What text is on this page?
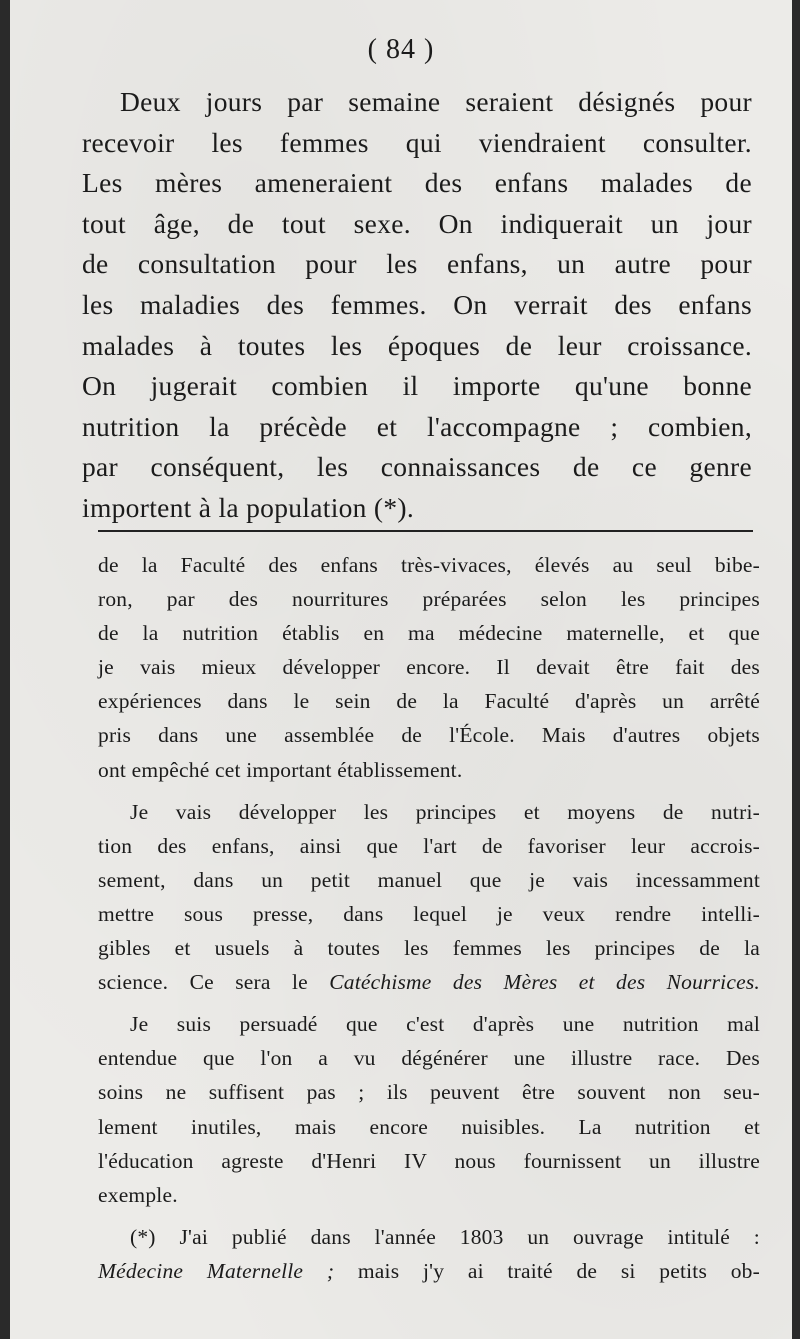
( 84 )
Deux jours par semaine seraient désignés pour
recevoir les femmes qui viendraient consulter.
Les mères ameneraient des enfans malades de
tout âge, de tout sexe. On indiquerait un jour
de consultation pour les enfans, un autre pour
les maladies des femmes. On verrait des enfans
malades à toutes les époques de leur croissance.
On jugerait combien il importe qu'une bonne
nutrition la précède et l'accompagne ; combien,
par conséquent, les connaissances de ce genre
importent à la population (*).
de la Faculté des enfans très-vivaces, élevés au seul bibe-
ron, par des nourritures préparées selon les principes
de la nutrition établis en ma médecine maternelle, et que
je vais mieux développer encore. Il devait être fait des
expériences dans le sein de la Faculté d'après un arrêté
pris dans une assemblée de l'École. Mais d'autres objets
ont empêché cet important établissement.
Je vais développer les principes et moyens de nutri-
tion des enfans, ainsi que l'art de favoriser leur accrois-
sement, dans un petit manuel que je vais incessamment
mettre sous presse, dans lequel je veux rendre intelli-
gibles et usuels à toutes les femmes les principes de la
science. Ce sera le Catéchisme des Mères et des Nourrices.
Je suis persuadé que c'est d'après une nutrition mal
entendue que l'on a vu dégénérer une illustre race. Des
soins ne suffisent pas ; ils peuvent être souvent non seu-
lement inutiles, mais encore nuisibles. La nutrition et
l'éducation agreste d'Henri IV nous fournissent un illustre
exemple.
(*) J'ai publié dans l'année 1803 un ouvrage intitulé :
Médecine Maternelle ; mais j'y ai traité de si petits ob-
